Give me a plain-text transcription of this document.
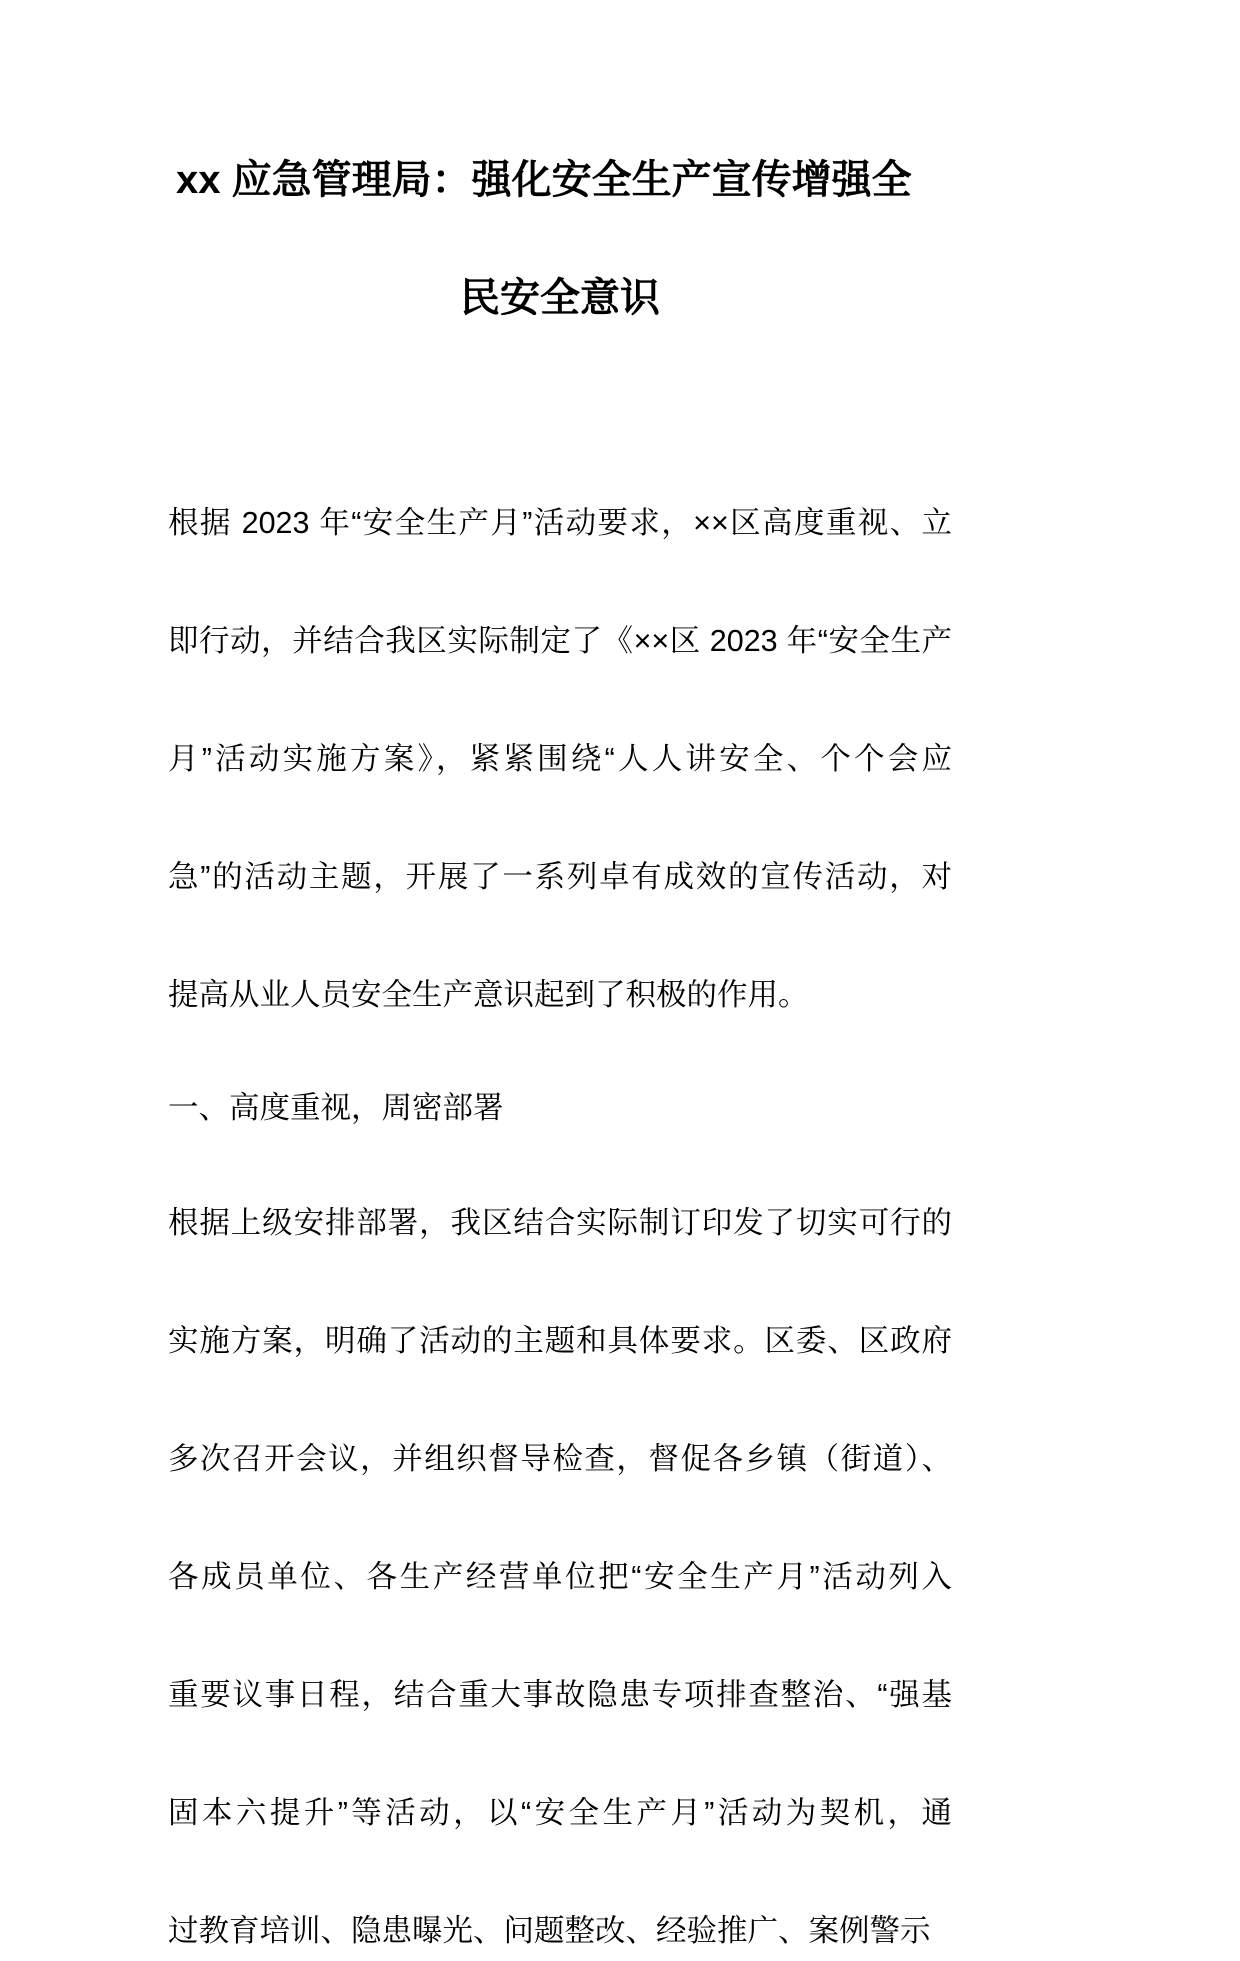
xx 应急管理局：强化安全生产宣传增强全
民安全意识

根据 2023 年“安全生产月”活动要求，××区高度重视、立
即行动，并结合我区实际制定了《××区 2023 年“安全生产
月”活动实施方案》，紧紧围绕“人人讲安全、个个会应
急”的活动主题，开展了一系列卓有成效的宣传活动，对
提高从业人员安全生产意识起到了积极的作用。

一、高度重视，周密部署

根据上级安排部署，我区结合实际制订印发了切实可行的
实施方案，明确了活动的主题和具体要求。区委、区政府
多次召开会议，并组织督导检查，督促各乡镇（街道）、
各成员单位、各生产经营单位把“安全生产月”活动列入
重要议事日程，结合重大事故隐患专项排查整治、“强基
固本六提升”等活动，以“安全生产月”活动为契机，通
过教育培训、隐患曝光、问题整改、经验推广、案例警示
